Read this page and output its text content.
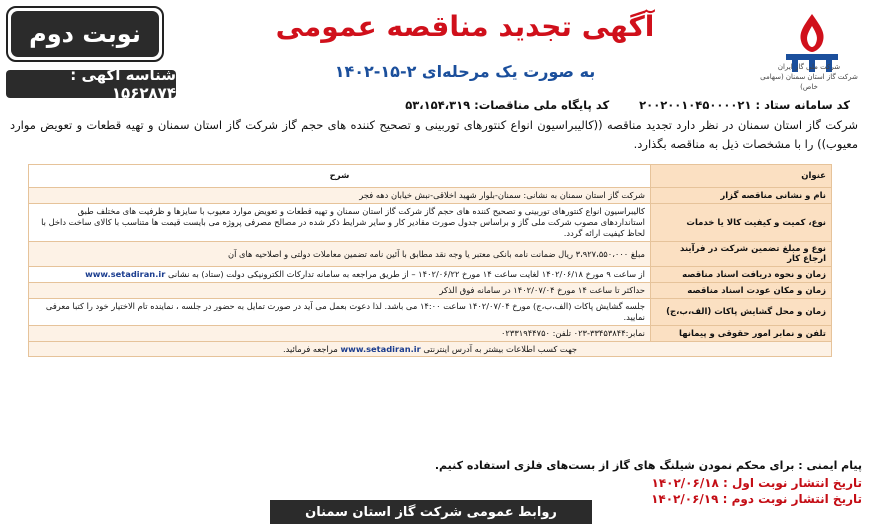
نوبت دوم
شناسه آگهی : ۱۵۶۲۸۷۴
شرکت ملی گاز ایران
شرکت گاز استان سمنان (سهامی خاص)
آگهی تجدید مناقصه عمومی
به صورت یک مرحله‌ای ۲-۱۵-۱۴۰۲
کد سامانه ستاد : ۲۰۰۲۰۰۱۰۴۵۰۰۰۰۲۱
کد پایگاه ملی مناقصات: ۵۳،۱۵۴،۳۱۹
شرکت گاز استان سمنان در نظر دارد تجدید مناقصه ((کالیبراسیون انواع کنتورهای توربینی و تصحیح کننده های حجم گاز شرکت گاز استان سمنان و تهیه قطعات و تعویض موارد معیوب)) را با مشخصات ذیل به مناقصه بگذارد.
عنوان	شرح
نام و نشانی مناقصه گزار	شرکت گاز استان سمنان به نشانی: سمنان-بلوار شهید اخلاقی-نبش خیابان دهه فجر
نوع، کمیت و کیفیت کالا یا خدمات	کالیبراسیون انواع کنتورهای توربینی و تصحیح کننده های حجم گاز شرکت گاز استان سمنان و تهیه قطعات و تعویض موارد معیوب با سایزها و ظرفیت های مختلف طبق استانداردهای مصوب شرکت ملی گاز و براساس جدول صورت مقادیر کار و سایر شرایط ذکر شده در مصالح مصرفی پروژه می بایست قیمت ها متناسب با کالای ساخت داخل با لحاظ کیفیت ارائه گردد.
نوع و مبلغ تضمین شرکت در فرآیند ارجاع کار	مبلغ ۳،۹۲۷،۵۵۰،۰۰۰ ریال ضمانت نامه بانکی معتبر یا وجه نقد مطابق با آئین نامه تضمین معاملات دولتی و اصلاحیه های آن
زمان و نحوه دریافت اسناد مناقصه	از ساعت ۹ مورخ ۱۴۰۲/۰۶/۱۸ لغایت ساعت ۱۴ مورخ ۱۴۰۲/۰۶/۲۲ – از طریق مراجعه به سامانه تدارکات الکترونیکی دولت (ستاد) به نشانی www.setadiran.ir
زمان و مکان عودت اسناد مناقصه	حداکثر تا ساعت ۱۴ مورخ ۱۴۰۲/۰۷/۰۴ در سامانه فوق الذکر
زمان و محل گشایش پاکات (الف،ب،ج)	جلسه گشایش پاکات (الف،ب،ج) مورخ ۱۴۰۲/۰۷/۰۴ ساعت ۱۴:۰۰ می باشد. لذا دعوت بعمل می آید در صورت تمایل به حضور در جلسه ، نماینده تام الاختیار خود را کتبا معرفی نمایید.
تلفن و نمابر امور حقوقی و پیمانها	نمابر:۳۳۴۵۳۸۴۴-۰۲۳ تلفن: ۰۲۳۳۱۹۴۴۷۵۰
جهت کسب اطلاعات بیشتر به آدرس اینترنتی www.setadiran.ir مراجعه فرمائید.	
پیام ایمنی : برای محکم نمودن شیلنگ های گاز از بست‌های فلزی استفاده کنیم.
تاریخ انتشار نوبت اول : ۱۴۰۲/۰۶/۱۸
تاریخ انتشار نوبت دوم : ۱۴۰۲/۰۶/۱۹
روابط عمومی شرکت گاز استان سمنان
